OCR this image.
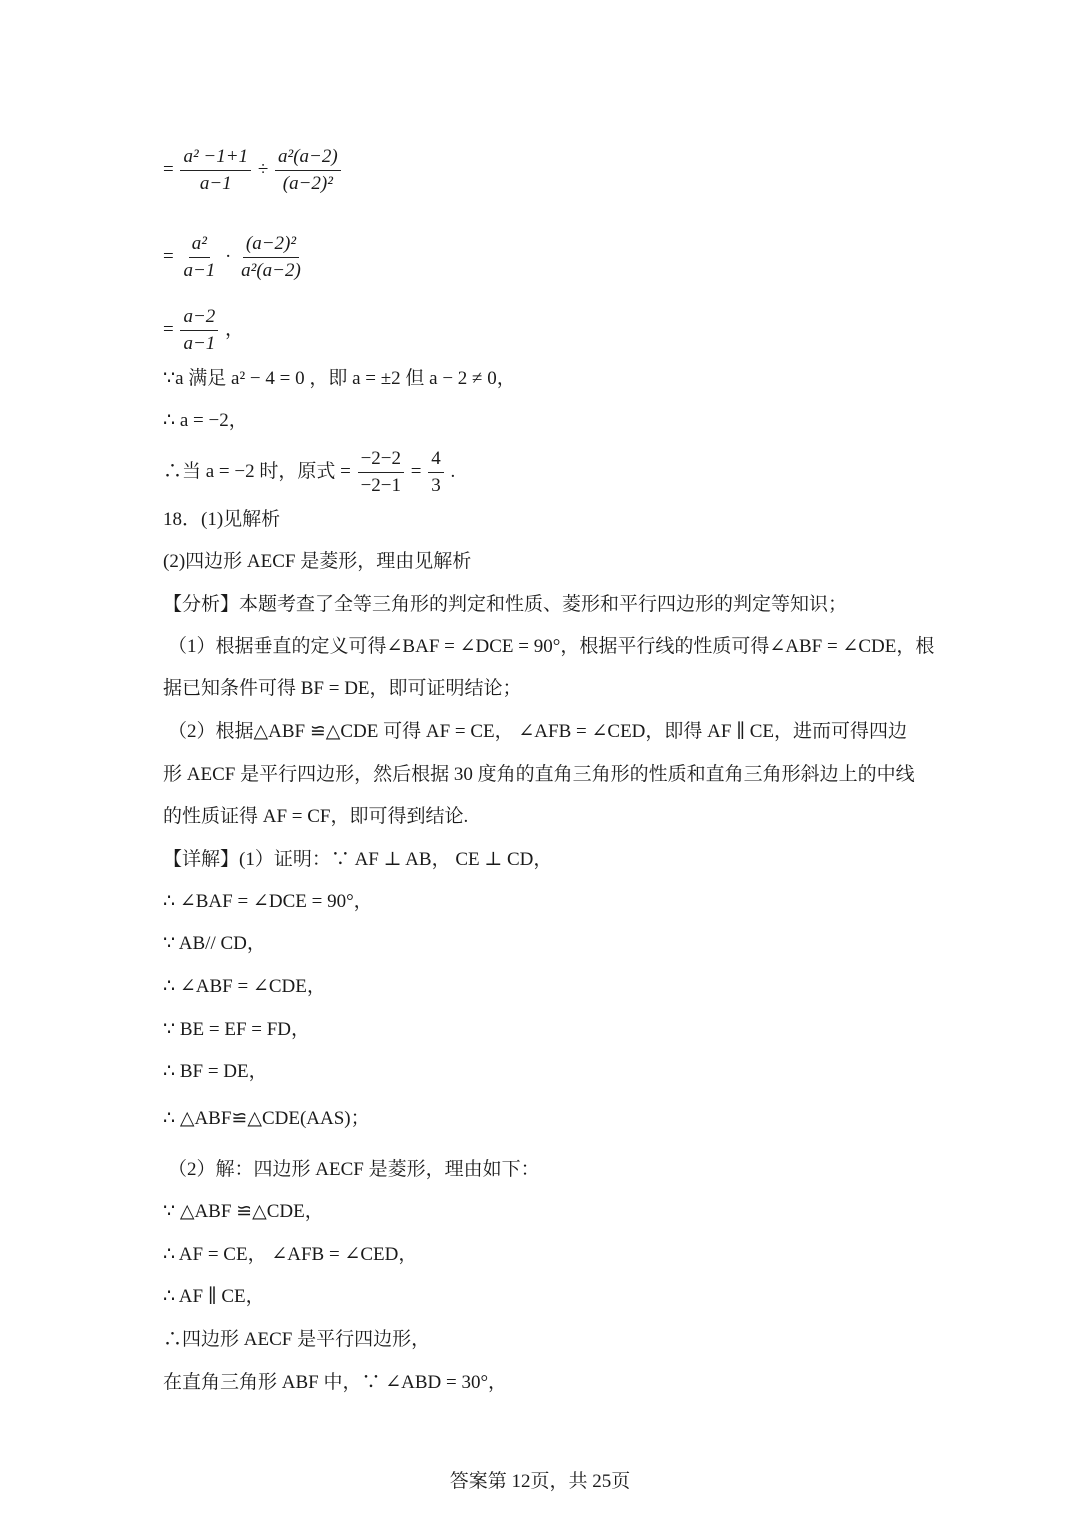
= $\frac{\text{a² −1+1}}{a-1} \div \frac{\text{a²(a−2)}}{\text{(a−2)²}}$
= $\frac{\text{a²}}{a-1} \cdot \frac{\text{(a−2)²}}{\text{a²(a−2)}}$
= $\frac{a-2}{a-1}$ ，
∵a 满足 a² − 4 = 0 ，即 a = ±2 但 a − 2 ≠ 0，
∴ a = −2，
∴当 a = −2 时，原式 = $\frac{-2-2}{-2-1} = \frac{4}{3}$ .
18．(1)见解析
(2)四边形 AECF 是菱形，理由见解析
【分析】本题考查了全等三角形的判定和性质、菱形和平行四边形的判定等知识；
（1）根据垂直的定义可得∠BAF = ∠DCE = 90°，根据平行线的性质可得∠ABF = ∠CDE，根
据已知条件可得 BF = DE，即可证明结论；
（2）根据△ABF ≌△CDE 可得 AF = CE， ∠AFB = ∠CED，即得 AF ∥ CE，进而可得四边
形 AECF 是平行四边形，然后根据 30 度角的直角三角形的性质和直角三角形斜边上的中线
的性质证得 AF = CF，即可得到结论.
【详解】(1）证明：∵ AF ⊥ AB， CE ⊥ CD，
∴ ∠BAF = ∠DCE = 90°，
∵ AB// CD，
∴ ∠ABF = ∠CDE，
∵ BE = EF = FD，
∴ BF = DE，
∴ △ABF≌△CDE(AAS)；
（2）解：四边形 AECF 是菱形，理由如下：
∵ △ABF ≌△CDE，
∴ AF = CE， ∠AFB = ∠CED，
∴ AF ∥ CE，
∴四边形 AECF 是平行四边形，
在直角三角形 ABF 中，∵ ∠ABD = 30°，
答案第 12页，共 25页
